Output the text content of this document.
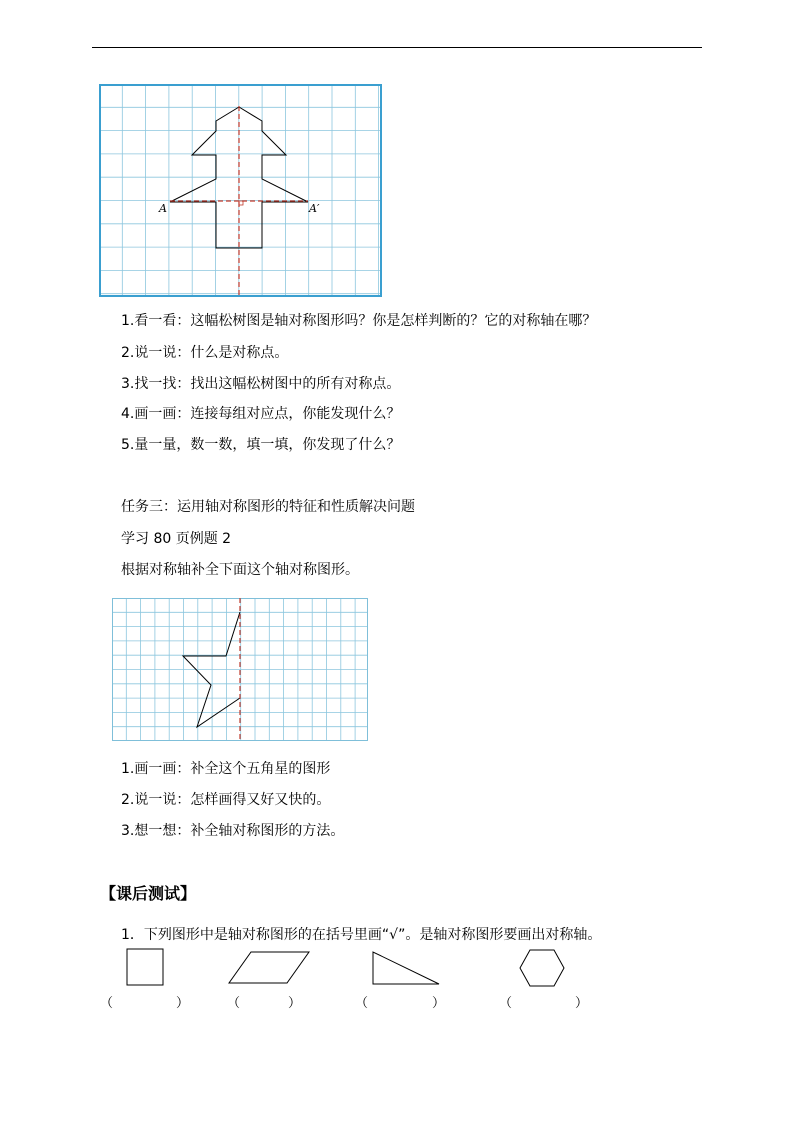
A	A′
1.看一看：这幅松树图是轴对称图形吗？你是怎样判断的？它的对称轴在哪？
2.说一说：什么是对称点。
3.找一找：找出这幅松树图中的所有对称点。
4.画一画：连接每组对应点，你能发现什么？
5.量一量，数一数，填一填，你发现了什么？
任务三：运用轴对称图形的特征和性质解决问题
学习 80 页例题 2
根据对称轴补全下面这个轴对称图形。
1.画一画：补全这个五角星的图形
2.说一说：怎样画得又好又快的。
3.想一想：补全轴对称图形的方法。
【课后测试】
1．下列图形中是轴对称图形的在括号里画“√”。是轴对称图形要画出对称轴。
（	）	（	）	（	）	（	）
